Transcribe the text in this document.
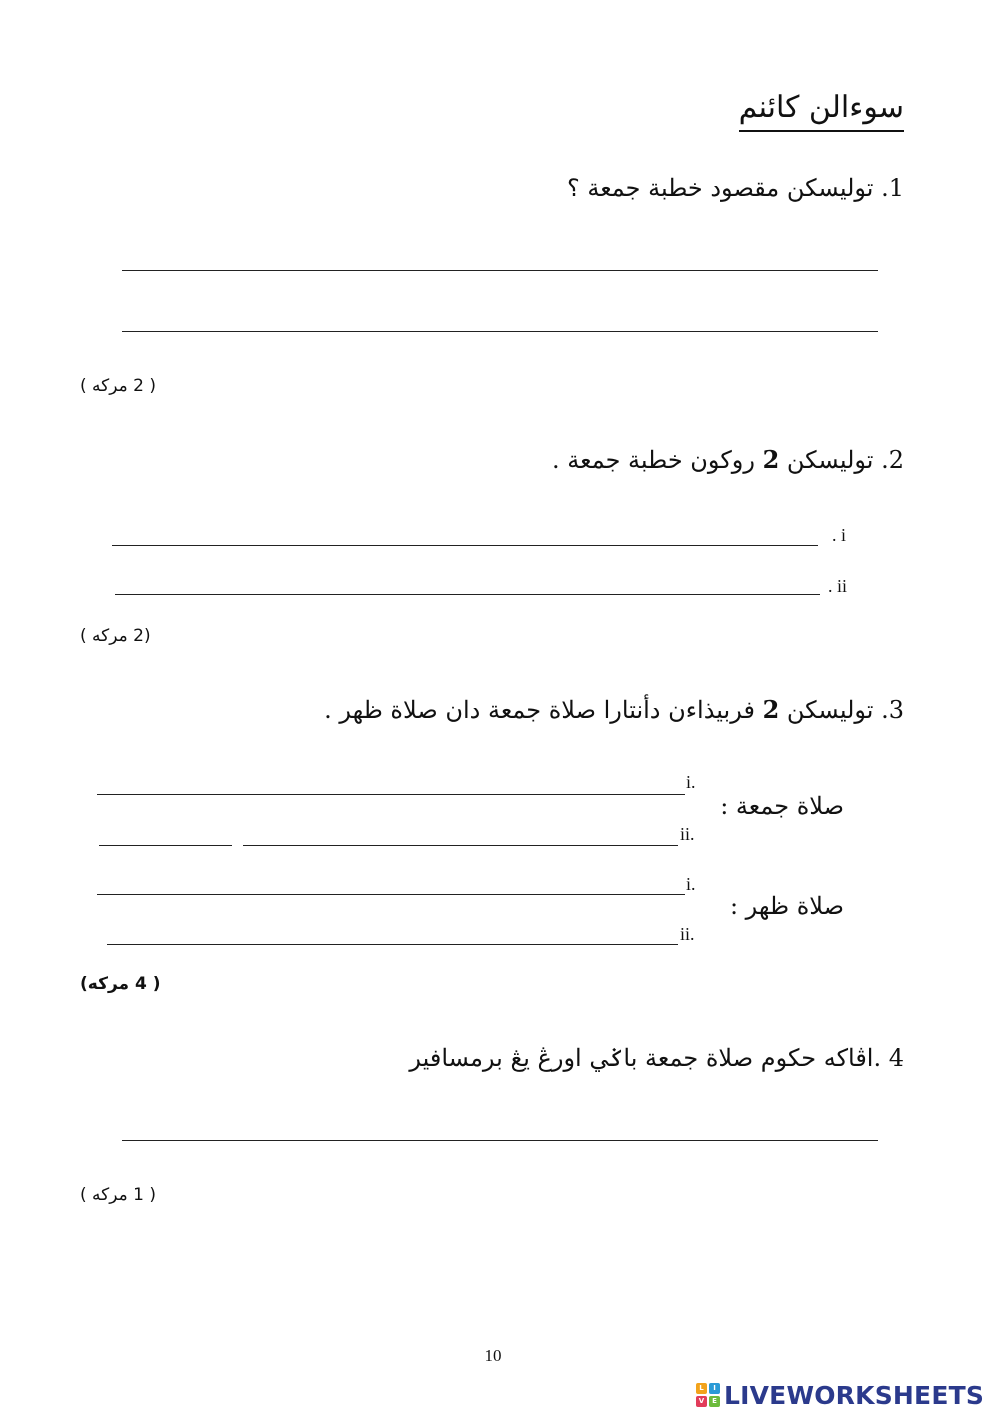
سوءالن كائنم
1. توليسكن مقصود خطبة جمعة ؟
( 2 مركه )
2. توليسكن 2 روكون خطبة جمعة .
. i
. ii
(2 مركه )
3. توليسكن 2 فربيذاءن دأنتارا صلاة جمعة دان صلاة ظهر .
صلاة جمعة :
i.
ii.
صلاة ظهر :
i.
ii.
( 4 مركه)
4 .اڤاكه حكوم صلاة جمعة باݢي اورڠ يڠ برمسافير
( 1 مركه )
10
L	I
V	E LIVEWORKSHEETS
